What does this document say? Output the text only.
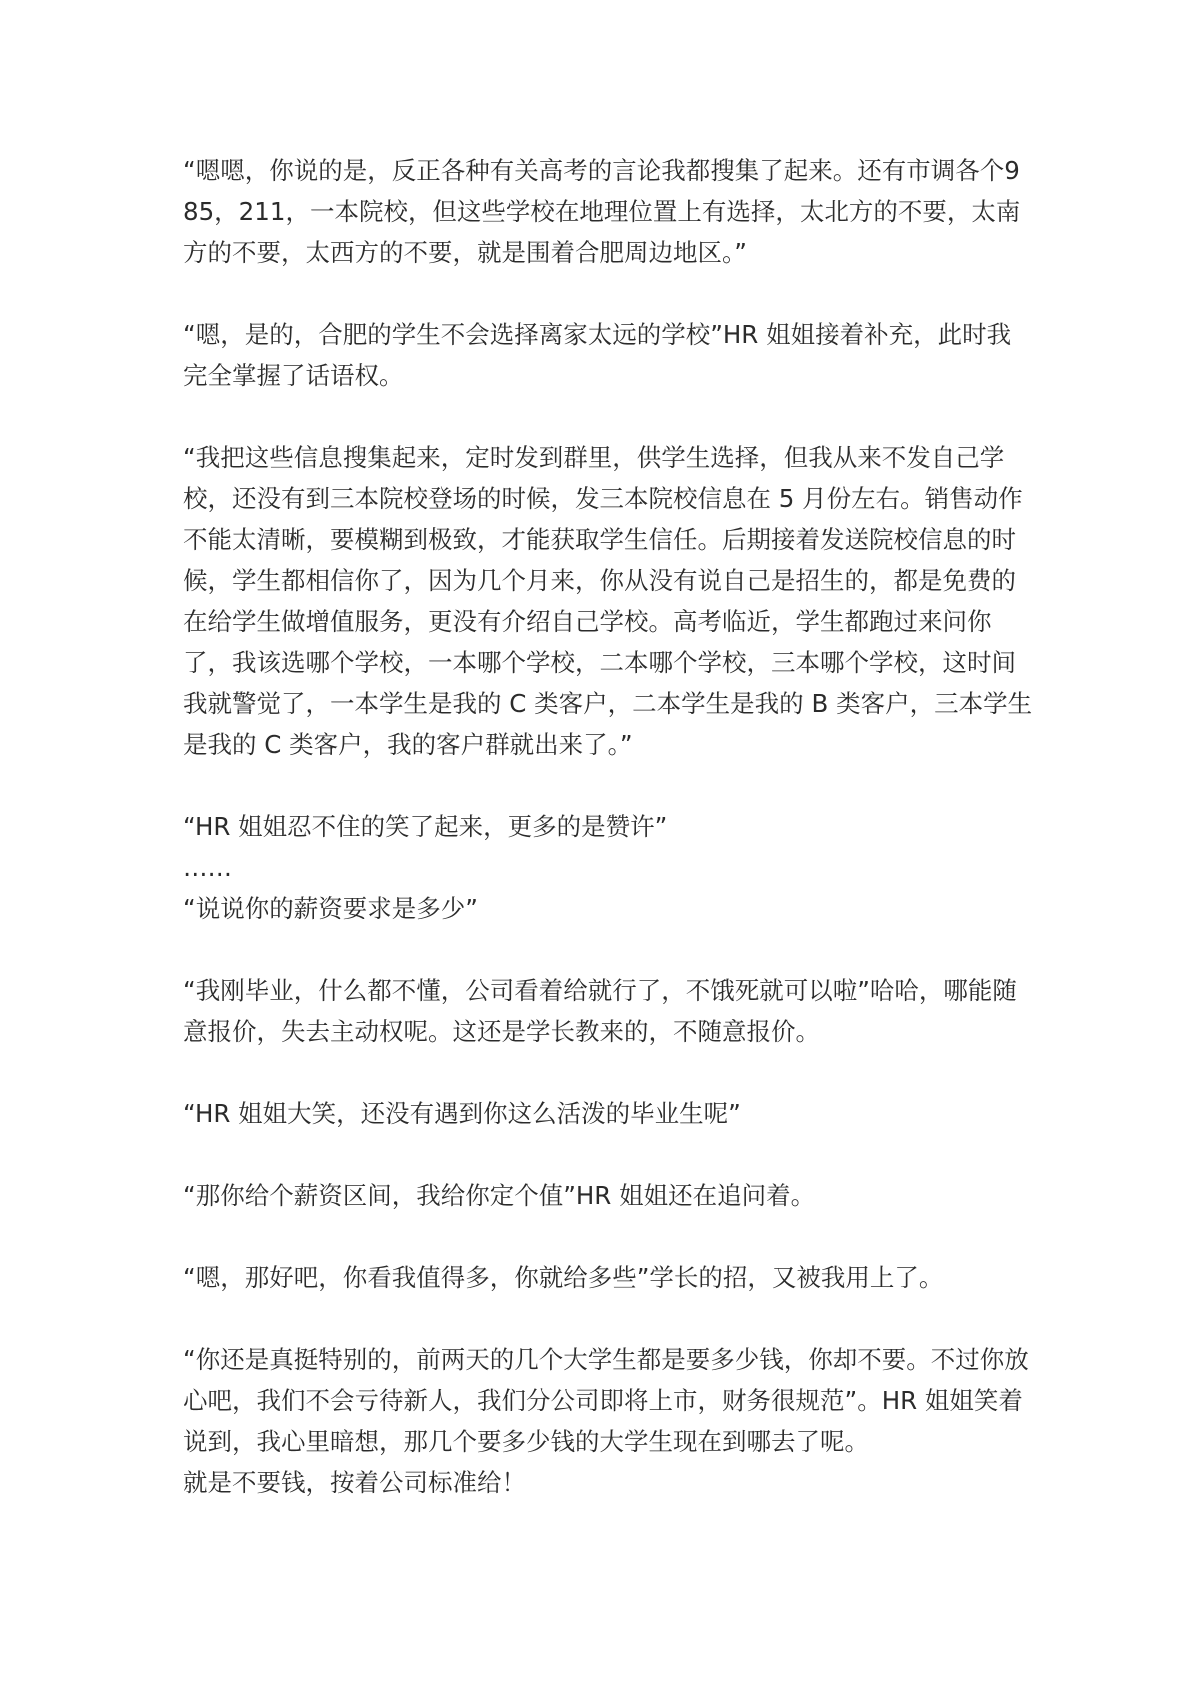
“嗯嗯，你说的是，反正各种有关高考的言论我都搜集了起来。还有市调各个985，211，一本院校，但这些学校在地理位置上有选择，太北方的不要，太南方的不要，太西方的不要，就是围着合肥周边地区。”

“嗯，是的，合肥的学生不会选择离家太远的学校”HR 姐姐接着补充，此时我完全掌握了话语权。

“我把这些信息搜集起来，定时发到群里，供学生选择，但我从来不发自己学校，还没有到三本院校登场的时候，发三本院校信息在 5 月份左右。销售动作不能太清晰，要模糊到极致，才能获取学生信任。后期接着发送院校信息的时候，学生都相信你了，因为几个月来，你从没有说自己是招生的，都是免费的在给学生做增值服务，更没有介绍自己学校。高考临近，学生都跑过来问你了，我该选哪个学校，一本哪个学校，二本哪个学校，三本哪个学校，这时间我就警觉了，一本学生是我的 C 类客户，二本学生是我的 B 类客户，三本学生是我的 C 类客户，我的客户群就出来了。”

“HR 姐姐忍不住的笑了起来，更多的是赞许”

……

“说说你的薪资要求是多少”

“我刚毕业，什么都不懂，公司看着给就行了，不饿死就可以啦”哈哈，哪能随意报价，失去主动权呢。这还是学长教来的，不随意报价。

“HR 姐姐大笑，还没有遇到你这么活泼的毕业生呢”

“那你给个薪资区间，我给你定个值”HR 姐姐还在追问着。

“嗯，那好吧，你看我值得多，你就给多些”学长的招，又被我用上了。

“你还是真挺特别的，前两天的几个大学生都是要多少钱，你却不要。不过你放心吧，我们不会亏待新人，我们分公司即将上市，财务很规范”。HR 姐姐笑着说到，我心里暗想，那几个要多少钱的大学生现在到哪去了呢。

就是不要钱，按着公司标准给！
